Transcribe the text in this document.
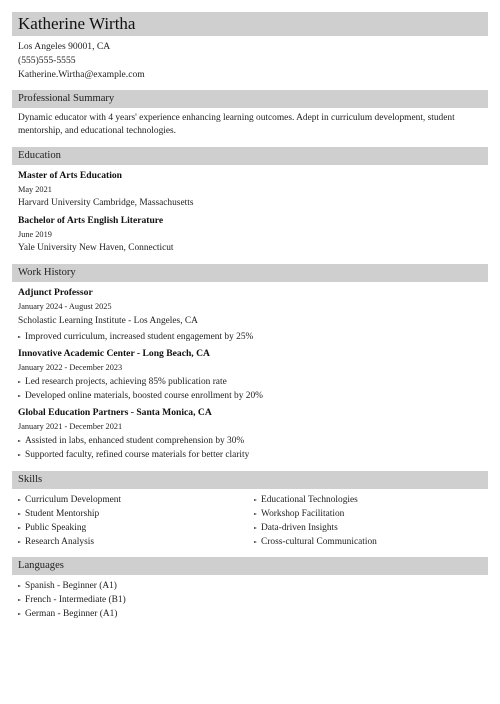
Katherine Wirtha
Los Angeles 90001, CA
(555)555-5555
Katherine.Wirtha@example.com
Professional Summary
Dynamic educator with 4 years' experience enhancing learning outcomes. Adept in curriculum development, student mentorship, and educational technologies.
Education
Master of Arts Education
May 2021
Harvard University Cambridge, Massachusetts
Bachelor of Arts English Literature
June 2019
Yale University New Haven, Connecticut
Work History
Adjunct Professor
January 2024 - August 2025
Scholastic Learning Institute - Los Angeles, CA
Improved curriculum, increased student engagement by 25%
Innovative Academic Center - Long Beach, CA
January 2022 - December 2023
Led research projects, achieving 85% publication rate
Developed online materials, boosted course enrollment by 20%
Global Education Partners - Santa Monica, CA
January 2021 - December 2021
Assisted in labs, enhanced student comprehension by 30%
Supported faculty, refined course materials for better clarity
Skills
Curriculum Development
Student Mentorship
Public Speaking
Research Analysis
Educational Technologies
Workshop Facilitation
Data-driven Insights
Cross-cultural Communication
Languages
Spanish - Beginner (A1)
French - Intermediate (B1)
German - Beginner (A1)
